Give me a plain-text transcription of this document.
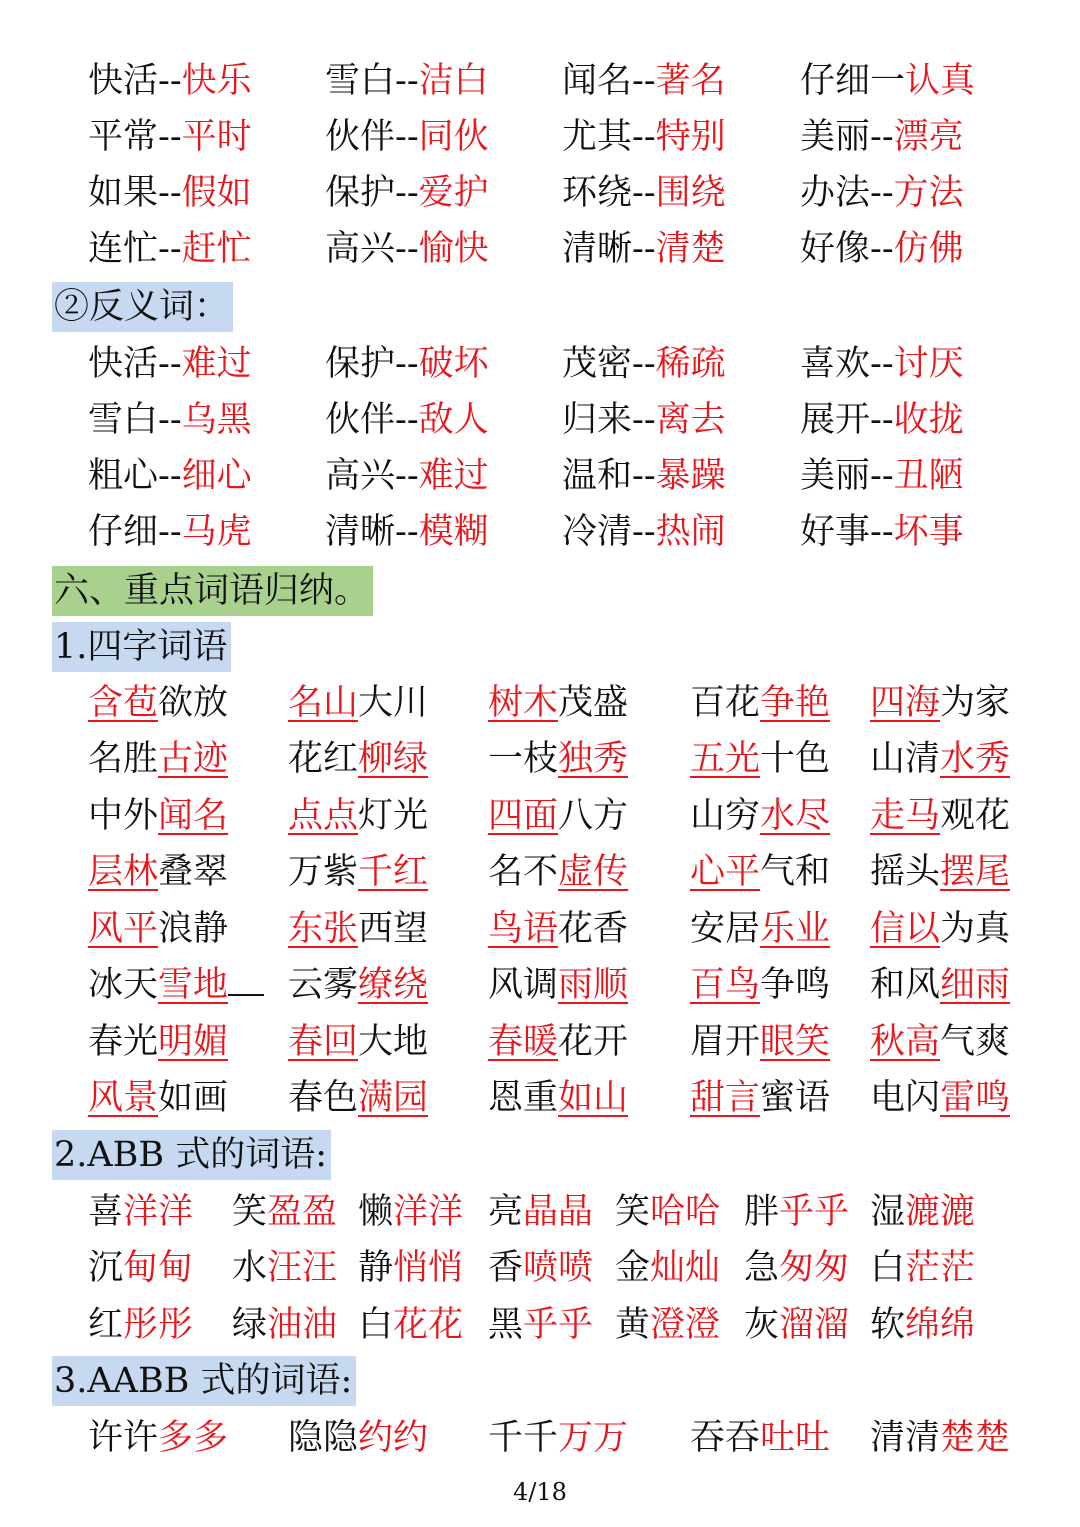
快活--快乐 雪白--洁白 闻名--著名 仔细一认真
平常--平时 伙伴--同伙 尤其--特别 美丽--漂亮
如果--假如 保护--爱护 环绕--围绕 办法--方法
连忙--赶忙 高兴--愉快 清晰--清楚 好像--仿佛
②反义词：
快活--难过 保护--破坏 茂密--稀疏 喜欢--讨厌
雪白--乌黑 伙伴--敌人 归来--离去 展开--收拢
粗心--细心 高兴--难过 温和--暴躁 美丽--丑陋
仔细--马虎 清晰--模糊 冷清--热闹 好事--坏事
六、重点词语归纳。
1.四字词语
含苞欲放 名山大川 树木茂盛 百花争艳 四海为家
名胜古迹 花红柳绿 一枝独秀 五光十色 山清水秀
中外闻名 点点灯光 四面八方 山穷水尽 走马观花
层林叠翠 万紫千红 名不虚传 心平气和 摇头摆尾
风平浪静 东张西望 鸟语花香 安居乐业 信以为真
冰天雪地	云雾缭绕 风调雨顺 百鸟争鸣 和风细雨
春光明媚 春回大地 春暖花开 眉开眼笑 秋高气爽
风景如画 春色满园 恩重如山 甜言蜜语 电闪雷鸣
2.ABB 式的词语:
喜洋洋 笑盈盈 懒洋洋 亮晶晶 笑哈哈 胖乎乎 湿漉漉
沉甸甸 水汪汪 静悄悄 香喷喷 金灿灿 急匆匆 白茫茫
红彤彤 绿油油 白花花 黑乎乎 黄澄澄 灰溜溜 软绵绵
3.AABB 式的词语:
许许多多 隐隐约约 千千万万 吞吞吐吐 清清楚楚
4/18
